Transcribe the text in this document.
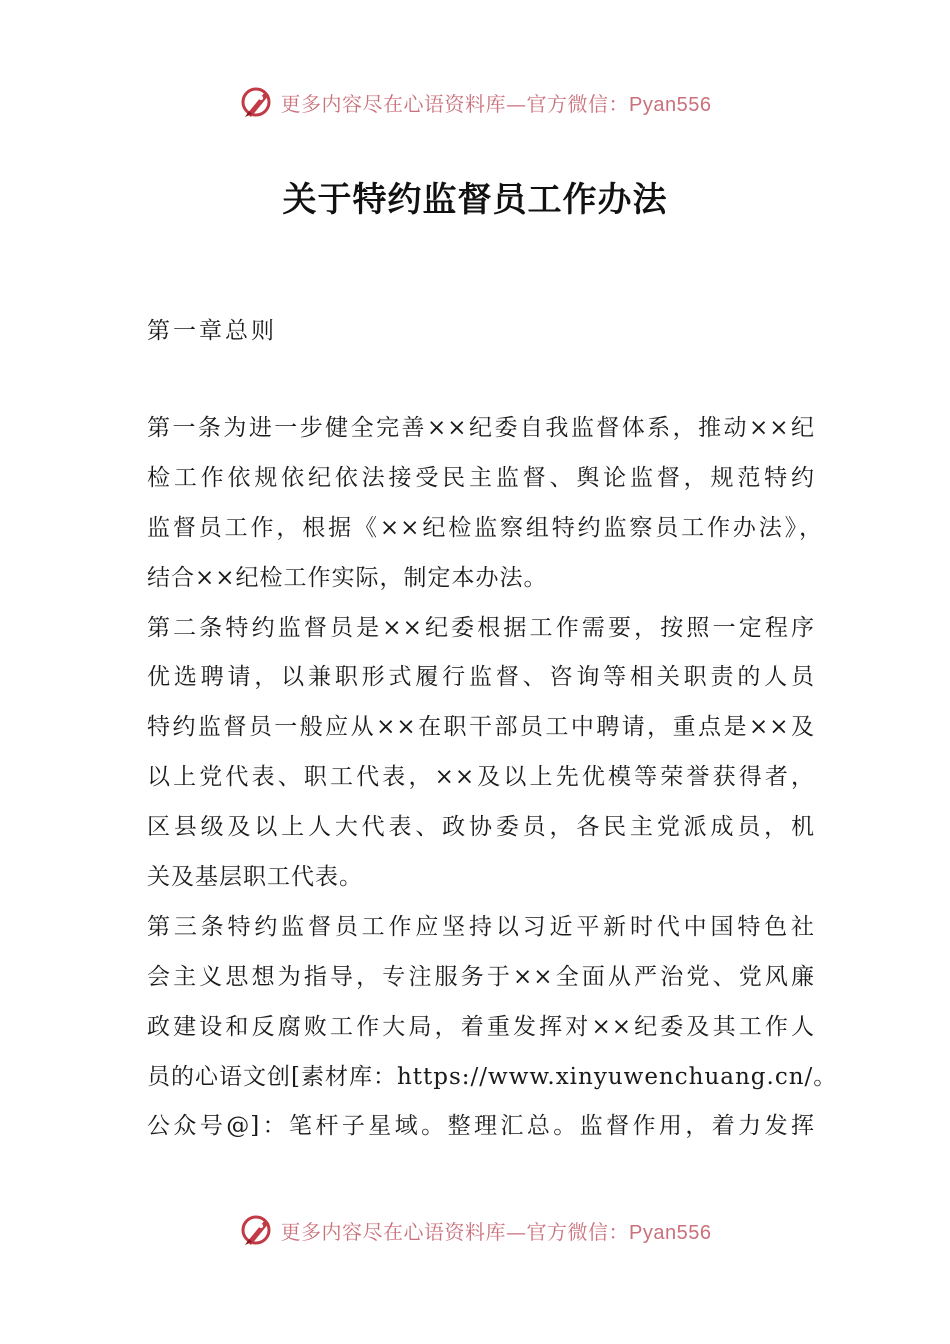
更多内容尽在心语资料库—官方微信：Pyan556
关于特约监督员工作办法
第一章总则
第一条为进一步健全完善××纪委自我监督体系，推动××纪
检工作依规依纪依法接受民主监督、舆论监督，规范特约
监督员工作，根据《××纪检监察组特约监察员工作办法》，
结合××纪检工作实际，制定本办法。
第二条特约监督员是××纪委根据工作需要，按照一定程序
优选聘请，以兼职形式履行监督、咨询等相关职责的人员
特约监督员一般应从××在职干部员工中聘请，重点是××及
以上党代表、职工代表，××及以上先优模等荣誉获得者，
区县级及以上人大代表、政协委员，各民主党派成员，机
关及基层职工代表。
第三条特约监督员工作应坚持以习近平新时代中国特色社
会主义思想为指导，专注服务于××全面从严治党、党风廉
政建设和反腐败工作大局，着重发挥对××纪委及其工作人
员的心语文创[素材库：https://www.xinyuwenchuang.cn/。
公众号@]：笔杆子星域。整理汇总。监督作用，着力发挥
更多内容尽在心语资料库—官方微信：Pyan556
